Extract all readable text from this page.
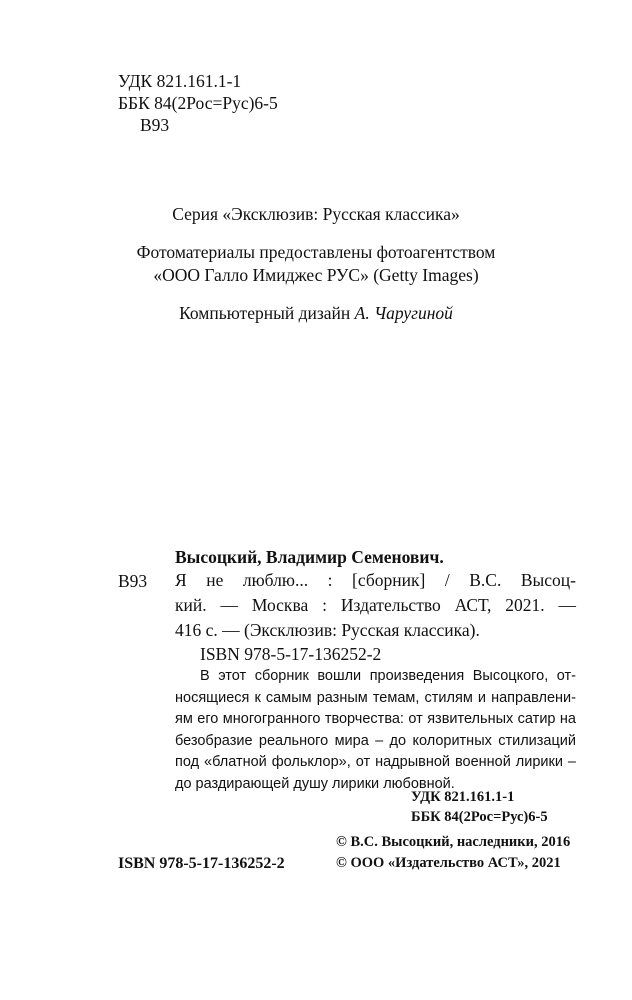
УДК 821.161.1-1
ББК 84(2Рос=Рус)6-5
В93
Серия «Эксклюзив: Русская классика»
Фотоматериалы предоставлены фотоагентством
«ООО Галло Имиджес РУС» (Getty Images)
Компьютерный дизайн А. Чаругиной
Высоцкий, Владимир Семенович.
В93 Я не люблю... : [сборник] / В.С. Высоц-
кий. — Москва : Издательство АСТ, 2021. —
416 с. — (Эксклюзив: Русская классика).
ISBN 978-5-17-136252-2
В этот сборник вошли произведения Высоцкого, от-
носящиеся к самым разным темам, стилям и направлени-
ям его многогранного творчества: от язвительных сатир на
безобразие реального мира – до колоритных стилизаций
под «блатной фольклор», от надрывной военной лирики –
до раздирающей душу лирики любовной.
УДК 821.161.1-1
ББК 84(2Рос=Рус)6-5
ISBN 978-5-17-136252-2
© В.С. Высоцкий, наследники, 2016
© ООО «Издательство АСТ», 2021
